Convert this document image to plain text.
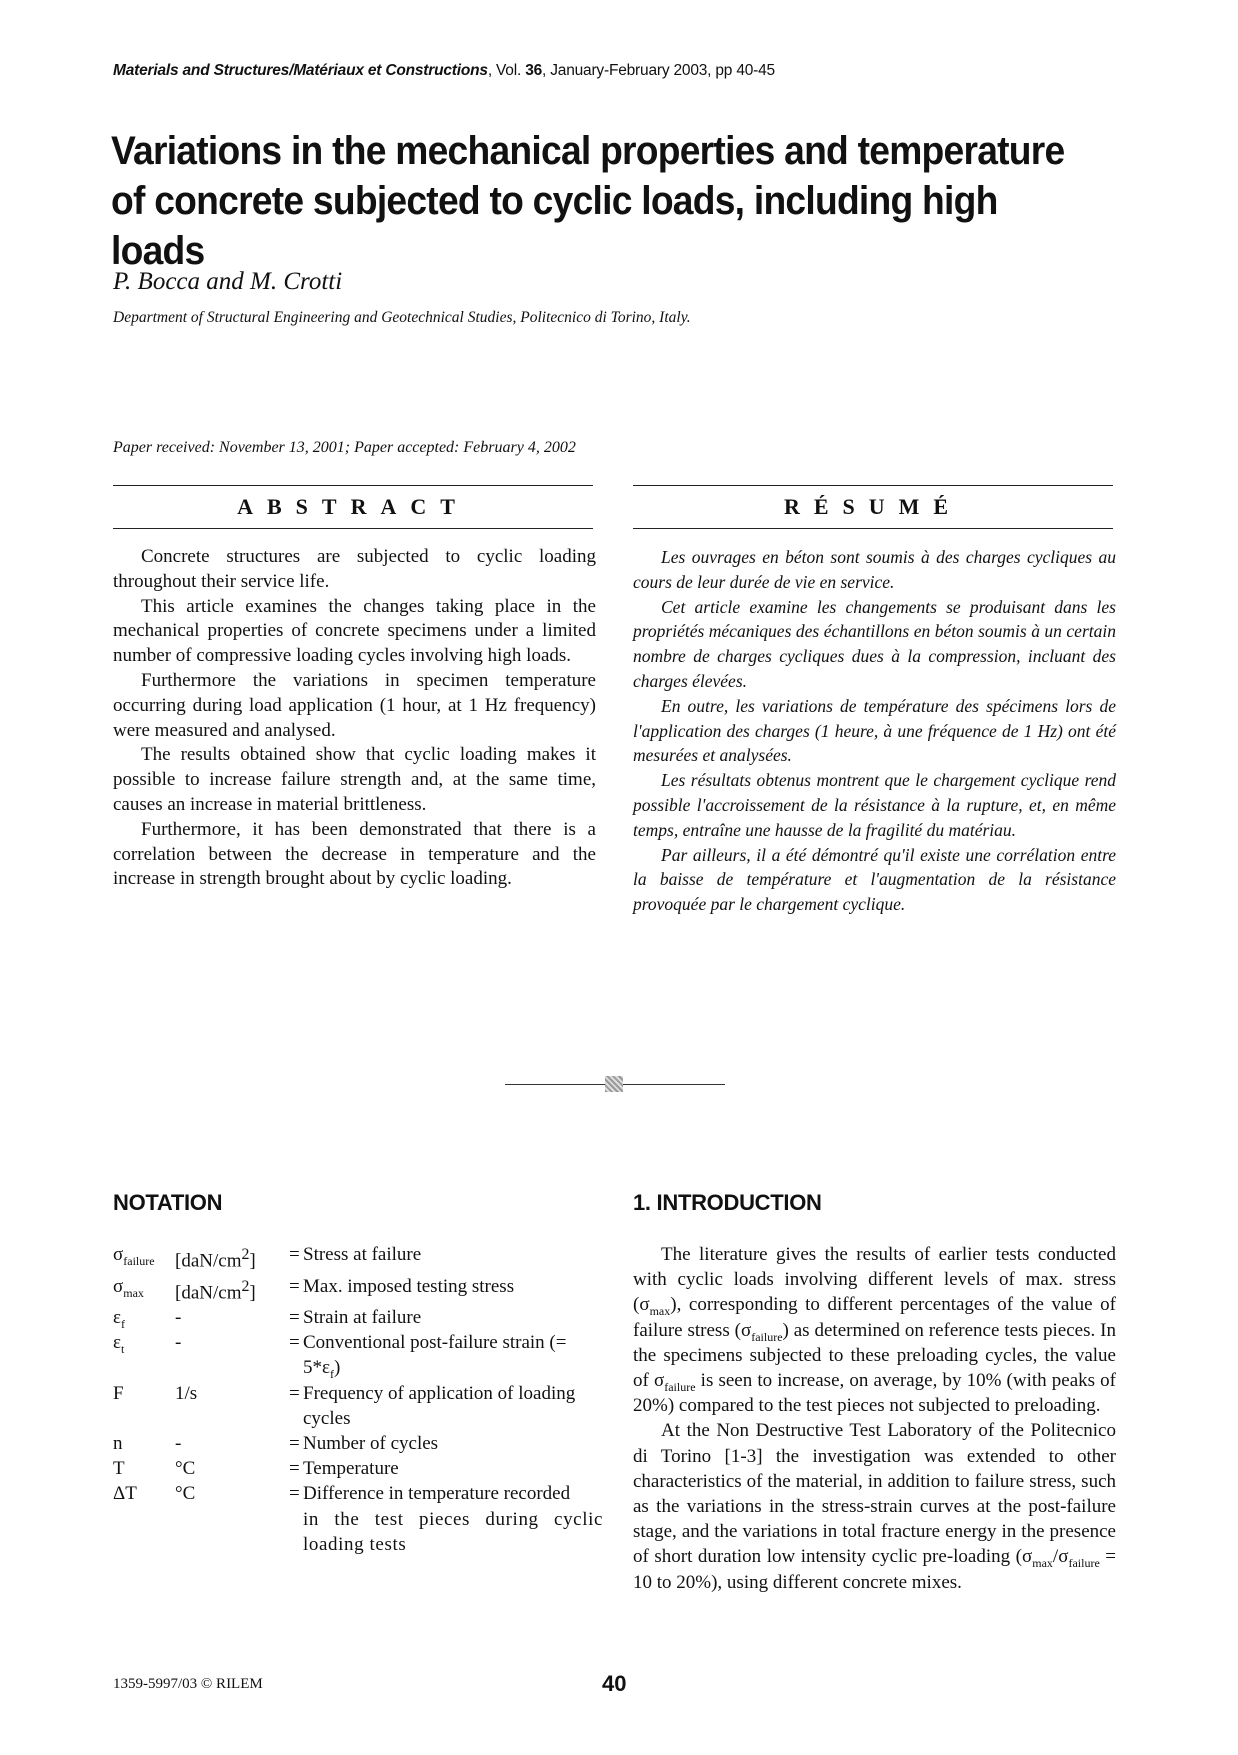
Materials and Structures/Matériaux et Constructions, Vol. 36, January-February 2003, pp 40-45
Variations in the mechanical properties and temperature of concrete subjected to cyclic loads, including high loads
P. Bocca and M. Crotti
Department of Structural Engineering and Geotechnical Studies, Politecnico di Torino, Italy.
Paper received: November 13, 2001; Paper accepted: February 4, 2002
ABSTRACT	RÉSUMÉ

Concrete structures are subjected to cyclic loading throughout their service life.

This article examines the changes taking place in the mechanical properties of concrete specimens under a limited number of compressive loading cycles involving high loads.

Furthermore the variations in specimen temperature occurring during load application (1 hour, at 1 Hz frequency) were measured and analysed.

The results obtained show that cyclic loading makes it possible to increase failure strength and, at the same time, causes an increase in material brittleness.

Furthermore, it has been demonstrated that there is a correlation between the decrease in temperature and the increase in strength brought about by cyclic loading.

Les ouvrages en béton sont soumis à des charges cycliques au cours de leur durée de vie en service.

Cet article examine les changements se produisant dans les propriétés mécaniques des échantillons en béton soumis à un certain nombre de charges cycliques dues à la compression, incluant des charges élevées.

En outre, les variations de température des spécimens lors de l'application des charges (1 heure, à une fréquence de 1 Hz) ont été mesurées et analysées.

Les résultats obtenus montrent que le chargement cyclique rend possible l'accroissement de la résistance à la rupture, et, en même temps, entraîne une hausse de la fragilité du matériau.

Par ailleurs, il a été démontré qu'il existe une corrélation entre la baisse de température et l'augmentation de la résistance provoquée par le chargement cyclique.

NOTATION	1. INTRODUCTION
$\sigma_{failure}$	$[daN/cm^2]$	= Stress at failure
$\sigma_{max}$	$[daN/cm^2]$	= Max. imposed testing stress
$\varepsilon_f$	-	= Strain at failure
$\varepsilon_t$	-	= Conventional post-failure strain (=
$5*\varepsilon_f$)
F	1/s	= Frequency of application of loading
cycles
n	-	= Number of cycles
T	°C	= Temperature
ΔT	°C	= Difference in temperature recorded
in the test pieces during cyclic loading tests

The literature gives the results of earlier tests conducted with cyclic loads involving different levels of max. stress $(\sigma_{max})$, corresponding to different percentages of the value of failure stress $(\sigma_{failure})$ as determined on reference tests pieces. In the specimens subjected to these preloading cycles, the value of $\sigma_{failure}$ is seen to increase, on average, by 10% (with peaks of 20%) compared to the test pieces not subjected to preloading.

At the Non Destructive Test Laboratory of the Politecnico di Torino [1-3] the investigation was extended to other characteristics of the material, in addition to failure stress, such as the variations in the stress-strain curves at the post-failure stage, and the variations in total fracture energy in the presence of short duration low intensity cyclic pre-loading ($\sigma_{max}/\sigma_{failure} = 10$ to 20%), using different concrete mixes.

1359-5997/03 © RILEM	40
